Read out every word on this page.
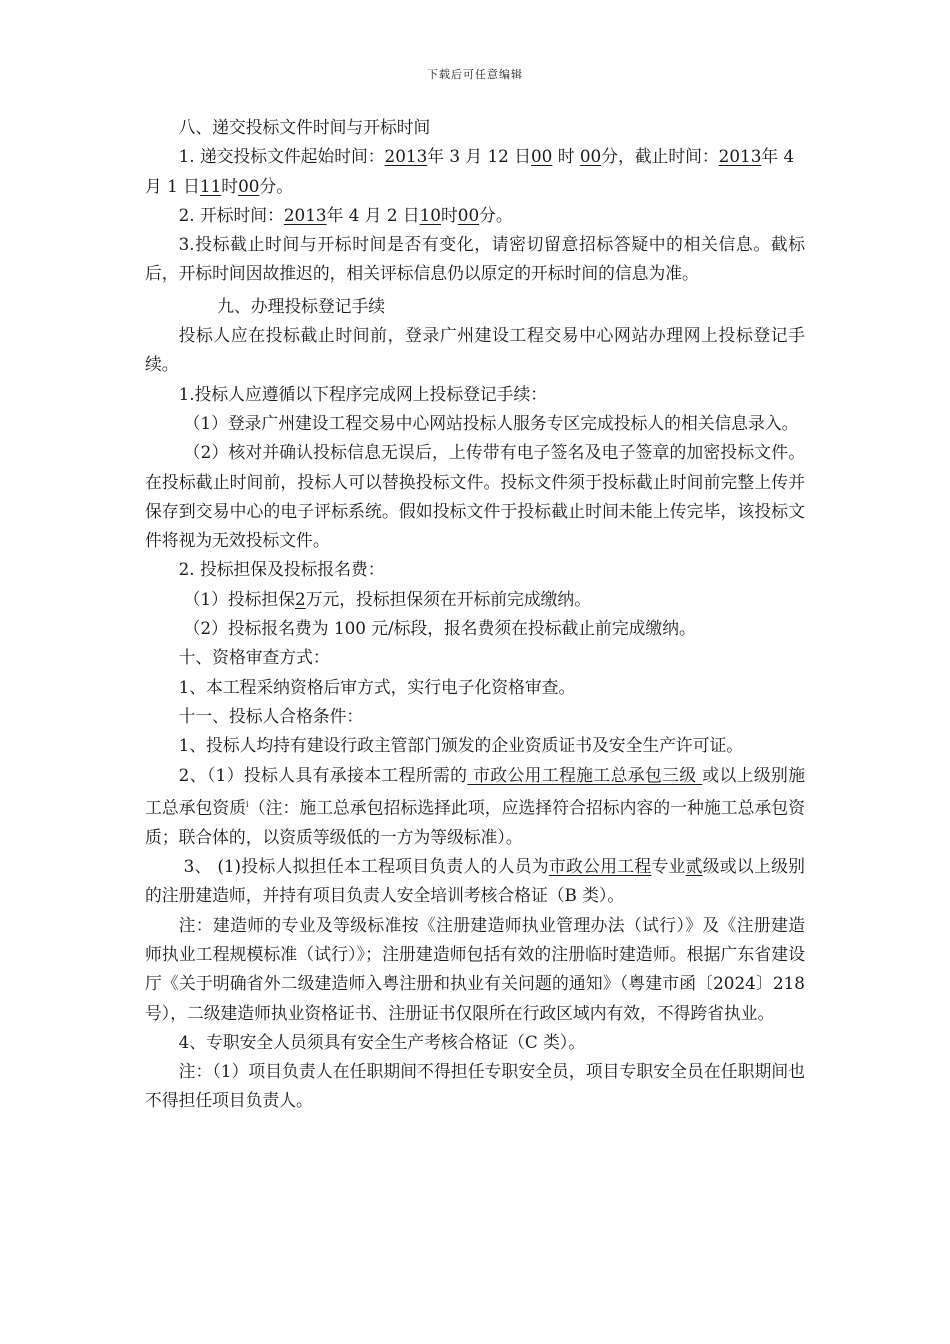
下载后可任意编辑

八、递交投标文件时间与开标时间

1. 递交投标文件起始时间：2013年 3 月 12 日00 时 00分，截止时间：2013年 4 月 1 日11时00分。

2. 开标时间：2013年 4 月 2 日10时00分。

3.投标截止时间与开标时间是否有变化，请密切留意招标答疑中的相关信息。截标后，开标时间因故推迟的，相关评标信息仍以原定的开标时间的信息为准。

九、办理投标登记手续

投标人应在投标截止时间前，登录广州建设工程交易中心网站办理网上投标登记手续。

1.投标人应遵循以下程序完成网上投标登记手续：

（1）登录广州建设工程交易中心网站投标人服务专区完成投标人的相关信息录入。

（2）核对并确认投标信息无误后，上传带有电子签名及电子签章的加密投标文件。在投标截止时间前，投标人可以替换投标文件。投标文件须于投标截止时间前完整上传并保存到交易中心的电子评标系统。假如投标文件于投标截止时间未能上传完毕，该投标文件将视为无效投标文件。

2. 投标担保及投标报名费：

（1）投标担保2万元，投标担保须在开标前完成缴纳。

（2）投标报名费为 100 元/标段，报名费须在投标截止前完成缴纳。

十、资格审查方式：

1、本工程采纳资格后审方式，实行电子化资格审查。

十一、投标人合格条件：

1、投标人均持有建设行政主管部门颁发的企业资质证书及安全生产许可证。

2、（1）投标人具有承接本工程所需的 市政公用工程施工总承包三级 或以上级别施工总承包资质$^i$（注：施工总承包招标选择此项，应选择符合招标内容的一种施工总承包资质；联合体的，以资质等级低的一方为等级标准）。

3、 (1)投标人拟担任本工程项目负责人的人员为市政公用工程专业贰级或以上级别的注册建造师，并持有项目负责人安全培训考核合格证（B 类）。

注：建造师的专业及等级标准按《注册建造师执业管理办法（试行）》及《注册建造师执业工程规模标准（试行）》；注册建造师包括有效的注册临时建造师。根据广东省建设厅《关于明确省外二级建造师入粤注册和执业有关问题的通知》（粤建市函〔2024〕218 号），二级建造师执业资格证书、注册证书仅限所在行政区域内有效，不得跨省执业。

4、专职安全人员须具有安全生产考核合格证（C 类）。

注：（1）项目负责人在任职期间不得担任专职安全员，项目专职安全员在任职期间也不得担任项目负责人。
